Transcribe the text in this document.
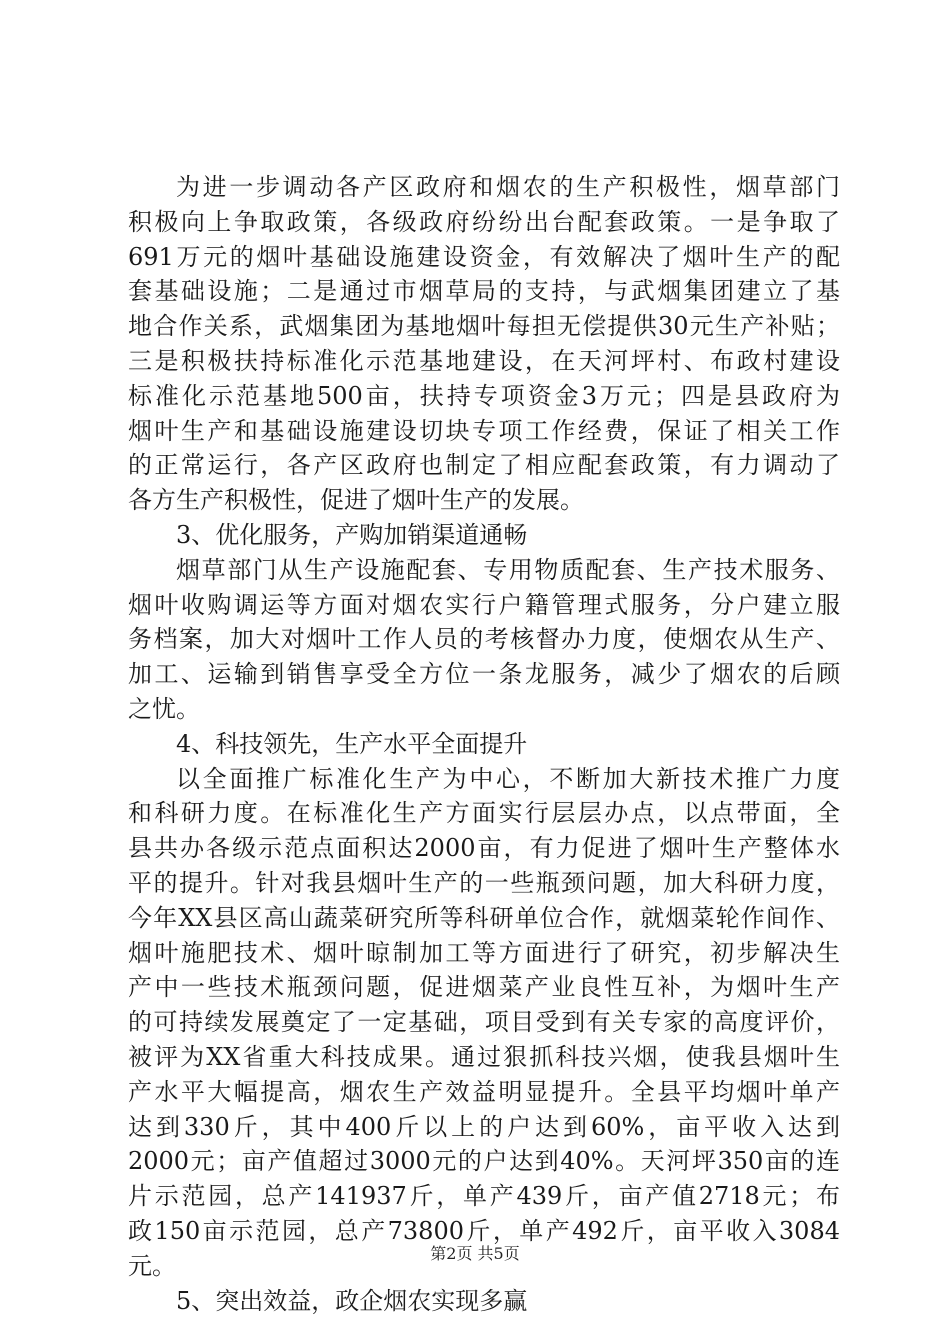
为进一步调动各产区政府和烟农的生产积极性，烟草部门
积极向上争取政策，各级政府纷纷出台配套政策。一是争取了
691万元的烟叶基础设施建设资金，有效解决了烟叶生产的配
套基础设施；二是通过市烟草局的支持，与武烟集团建立了基
地合作关系，武烟集团为基地烟叶每担无偿提供30元生产补贴；
三是积极扶持标准化示范基地建设，在天河坪村、布政村建设
标准化示范基地500亩，扶持专项资金3万元；四是县政府为
烟叶生产和基础设施建设切块专项工作经费，保证了相关工作
的正常运行，各产区政府也制定了相应配套政策，有力调动了
各方生产积极性，促进了烟叶生产的发展。
3、优化服务，产购加销渠道通畅
烟草部门从生产设施配套、专用物质配套、生产技术服务、
烟叶收购调运等方面对烟农实行户籍管理式服务，分户建立服
务档案，加大对烟叶工作人员的考核督办力度，使烟农从生产、
加工、运输到销售享受全方位一条龙服务，减少了烟农的后顾
之忧。
4、科技领先，生产水平全面提升
以全面推广标准化生产为中心，不断加大新技术推广力度
和科研力度。在标准化生产方面实行层层办点，以点带面，全
县共办各级示范点面积达2000亩，有力促进了烟叶生产整体水
平的提升。针对我县烟叶生产的一些瓶颈问题，加大科研力度，
今年XX县区高山蔬菜研究所等科研单位合作，就烟菜轮作间作、
烟叶施肥技术、烟叶晾制加工等方面进行了研究，初步解决生
产中一些技术瓶颈问题，促进烟菜产业良性互补，为烟叶生产
的可持续发展奠定了一定基础，项目受到有关专家的高度评价，
被评为XX省重大科技成果。通过狠抓科技兴烟，使我县烟叶生
产水平大幅提高，烟农生产效益明显提升。全县平均烟叶单产
达到330斤，其中400斤以上的户达到60%，亩平收入达到
2000元；亩产值超过3000元的户达到40%。天河坪350亩的连
片示范园，总产141937斤，单产439斤，亩产值2718元；布
政150亩示范园，总产73800斤，单产492斤，亩平收入3084
元。
5、突出效益，政企烟农实现多赢
第2页 共5页
